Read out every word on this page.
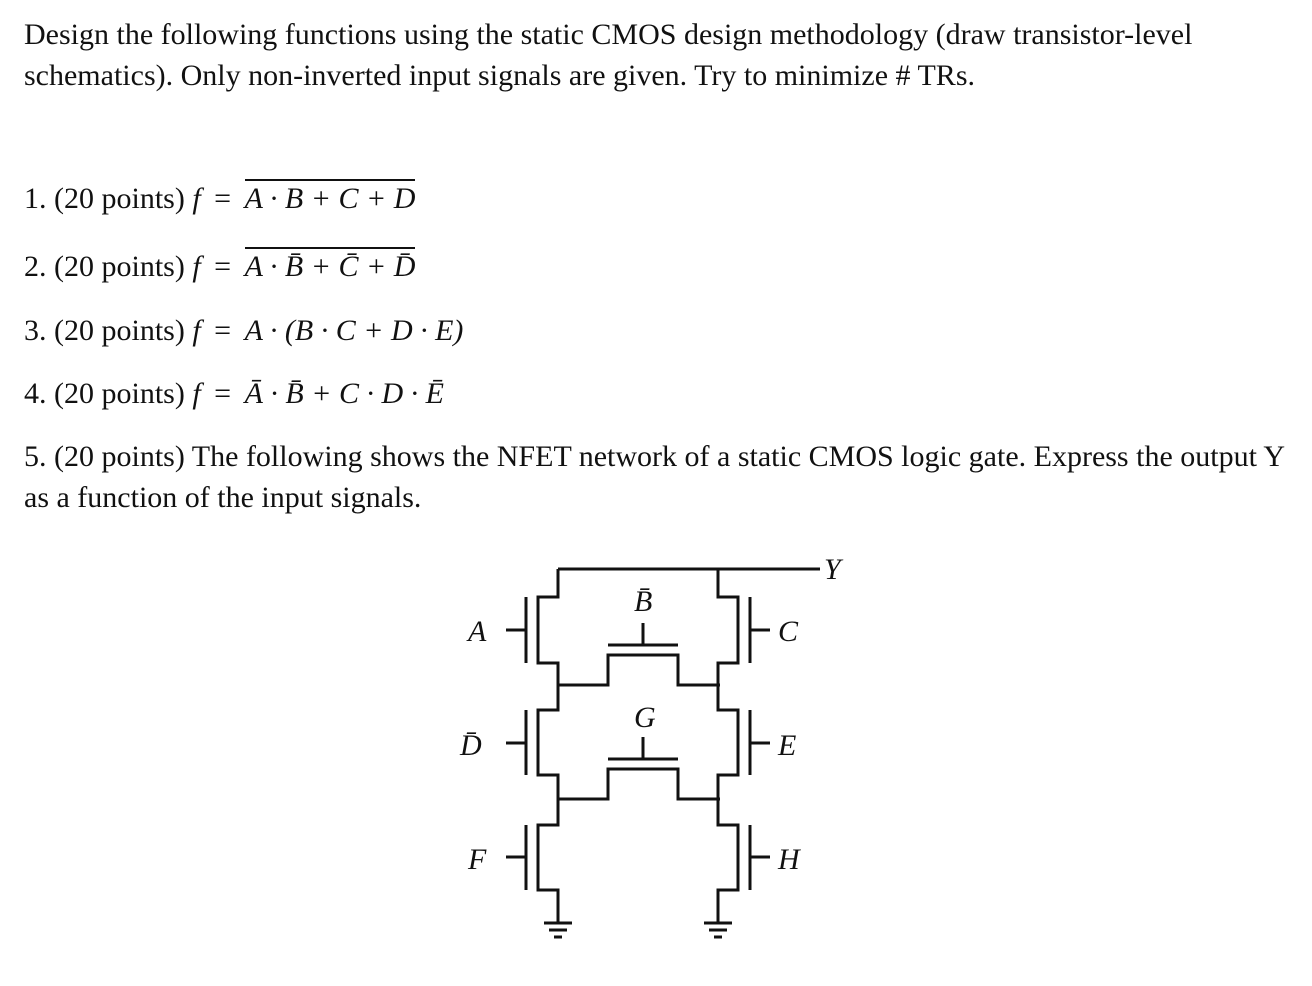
Design the following functions using the static CMOS design methodology (draw transistor-level schematics). Only non-inverted input signals are given. Try to minimize # TRs.

1. (20 points) f = A · B + C + D
2. (20 points) f = A · B̄ + C̄ + D̄
3. (20 points) f = A · (B · C + D · E)
4. (20 points) f = Ā · B̄ + C · D · Ē
5. (20 points) The following shows the NFET network of a static CMOS logic gate. Express the output Y as a function of the input signals.
Y
A
D̄
F
B̄
G
C
E
H
